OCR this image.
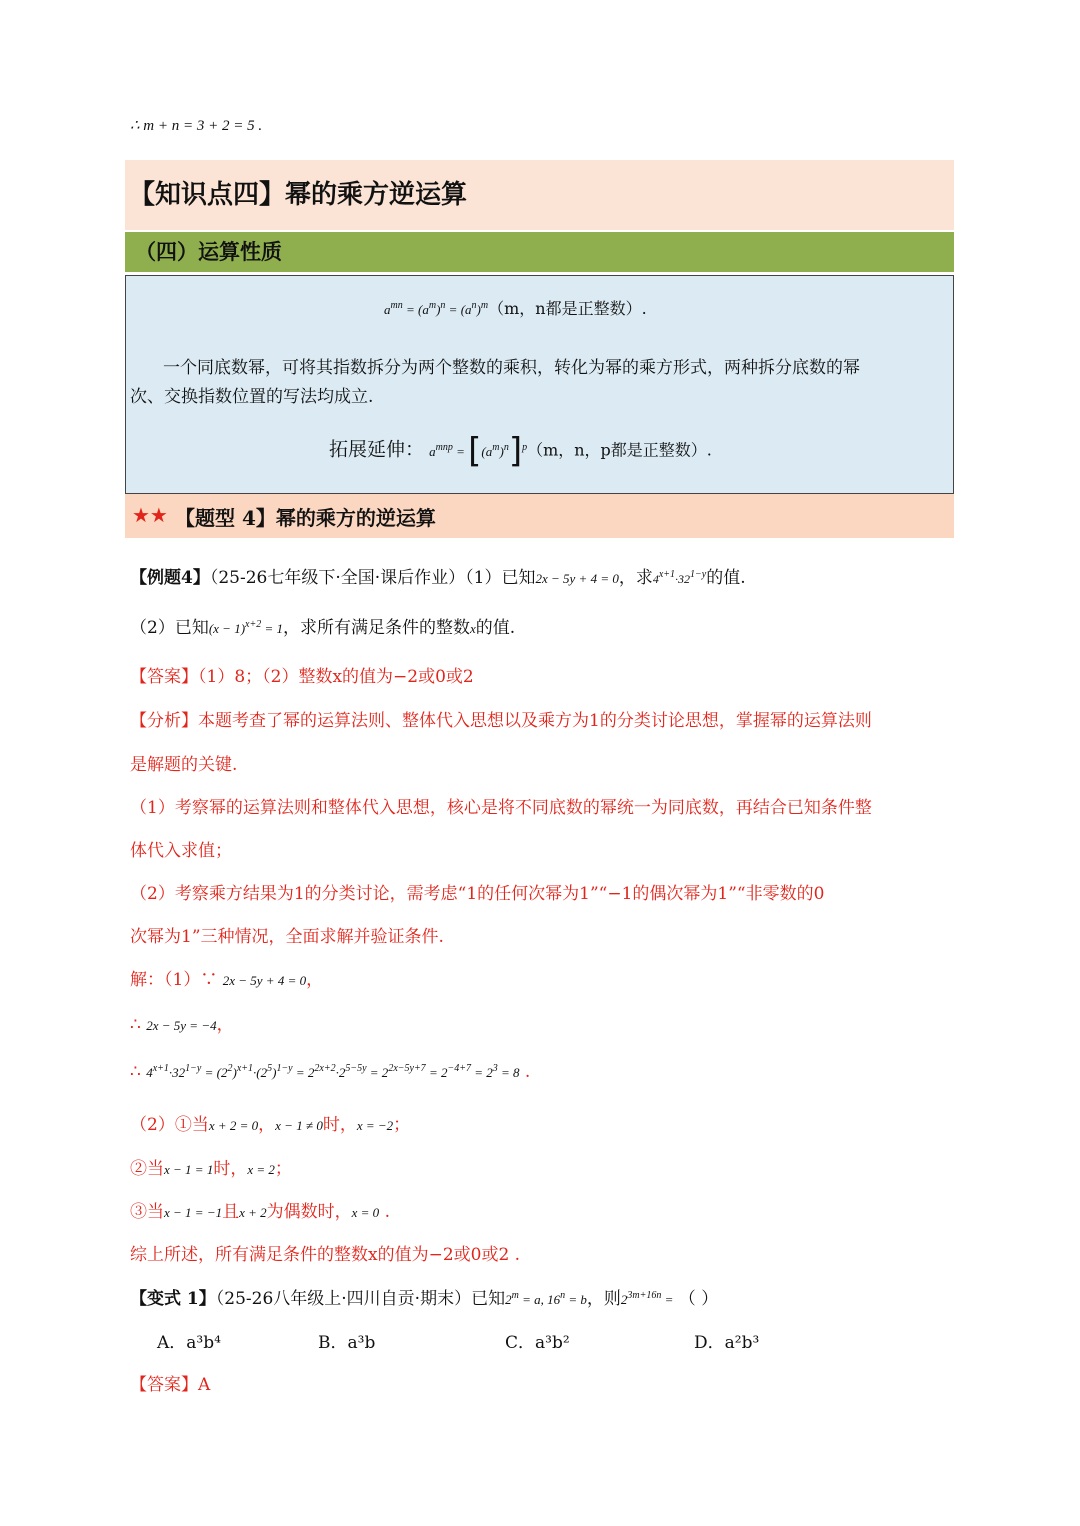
∴ m + n = 3 + 2 = 5 .
【知识点四】幂的乘方逆运算
（四）运算性质
$a^{mn} = (a^m)^n = (a^n)^m(m$，n都是正整数）.
一个同底数幂，可将其指数拆分为两个整数的乘积，转化为幂的乘方形式，两种拆分底数的幂
次、交换指数位置的写法均成立.
拓展延伸： $a^{mnp} = [(a^m)^n]^p(m$，n，p都是正整数）.
★★ 【题型 4】幂的乘方的逆运算
【例题4】（25-26七年级下·全国·课后作业）（1）已知2x − 5y + 4 = 0，求$4^{x+1}\cdot 32^{1-y}$的值.
（2）已知$(x - 1)^{x+2} = 1$，求所有满足条件的整数x的值.
【答案】（1）8；（2）整数x的值为−2或0或2
【分析】本题考查了幂的运算法则、整体代入思想以及乘方为1的分类讨论思想，掌握幂的运算法则
是解题的关键.
（1）考察幂的运算法则和整体代入思想，核心是将不同底数的幂统一为同底数，再结合已知条件整
体代入求值；
（2）考察乘方结果为1的分类讨论，需考虑“1的任何次幂为1”“−1的偶次幂为1”“非零数的0
次幂为1”三种情况，全面求解并验证条件.
解：（1）∵ 2x − 5y + 4 = 0，
∴ 2x − 5y = −4，
∴ $4^{x+1}\cdot 32^{1-y} = (2^2)^{x+1}\cdot(2^5)^{1-y} = 2^{2x+2}\cdot 2^{5-5y} = 2^{2x-5y+7} = 2^{-4+7} = 2^3 = 8$ .
（2）①当x + 2 = 0，x − 1 ≠ 0时，x = −2；
②当x − 1 = 1时，x = 2；
③当x − 1 = −1且x + 2为偶数时，x = 0 .
综上所述，所有满足条件的整数x的值为−2或0或2 .
【变式 1】（25-26八年级上·四川自贡·期末）已知$2^m = a$, $16^n = b$，则$2^{3m+16n}$ = （ ）
A．a³b⁴	B．a³b	C．a³b²	D．a²b³
【答案】A
